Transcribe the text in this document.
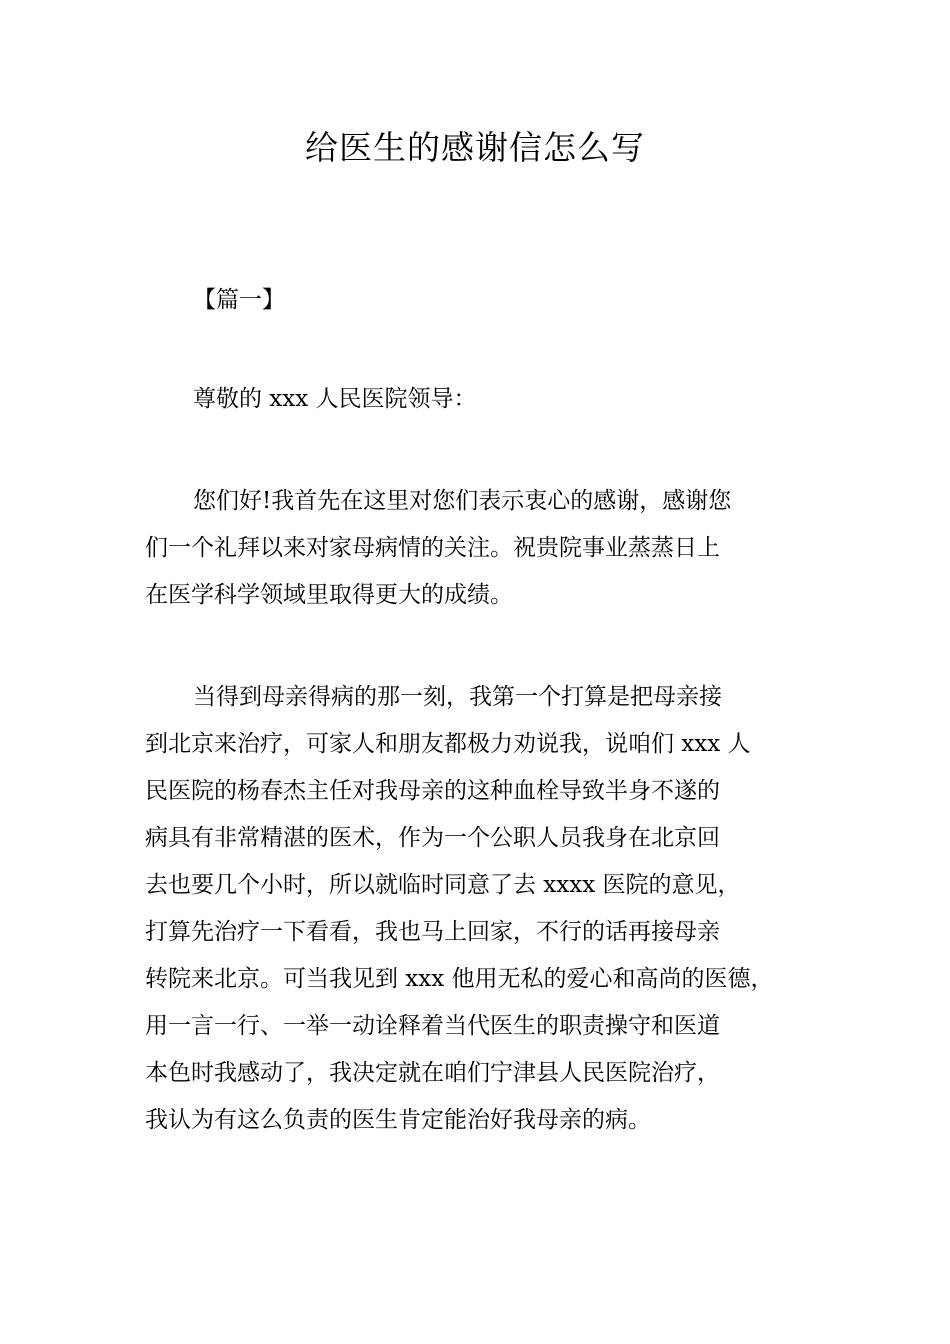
给医生的感谢信怎么写

【篇一】

尊敬的 xxx 人民医院领导：

您们好!我首先在这里对您们表示衷心的感谢，感谢您
们一个礼拜以来对家母病情的关注。祝贵院事业蒸蒸日上
在医学科学领域里取得更大的成绩。
当得到母亲得病的那一刻，我第一个打算是把母亲接
到北京来治疗，可家人和朋友都极力劝说我，说咱们 xxx 人
民医院的杨春杰主任对我母亲的这种血栓导致半身不遂的
病具有非常精湛的医术，作为一个公职人员我身在北京回
去也要几个小时，所以就临时同意了去 xxxx 医院的意见，
打算先治疗一下看看，我也马上回家，不行的话再接母亲
转院来北京。可当我见到 xxx 他用无私的爱心和高尚的医德，
用一言一行、一举一动诠释着当代医生的职责操守和医道
本色时我感动了，我决定就在咱们宁津县人民医院治疗，
我认为有这么负责的医生肯定能治好我母亲的病。
